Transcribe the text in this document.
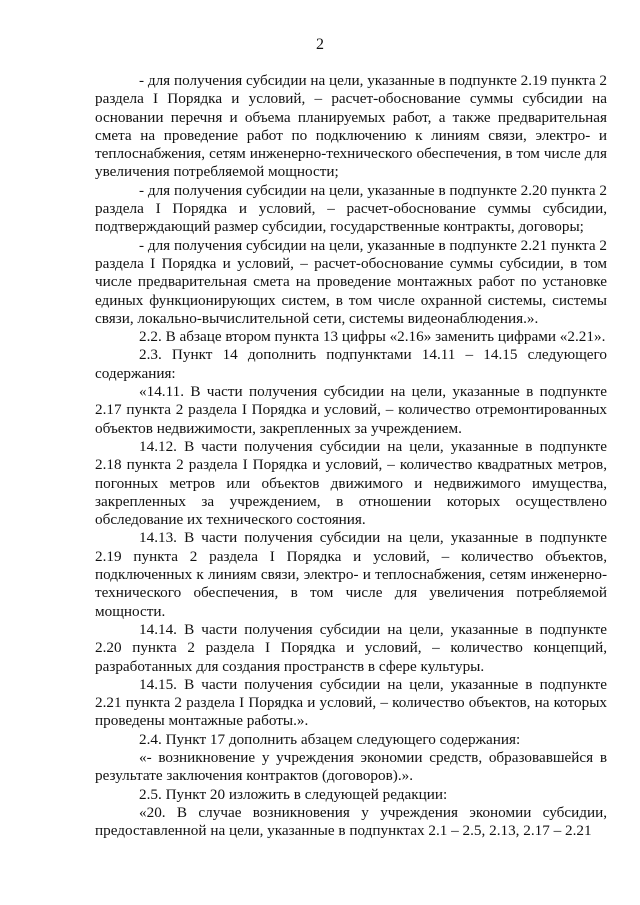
2

- для получения субсидии на цели, указанные в подпункте 2.19 пункта 2 раздела I Порядка и условий, – расчет-обоснование суммы субсидии на основании перечня и объема планируемых работ, а также предварительная смета на проведение работ по подключению к линиям связи, электро- и теплоснабжения, сетям инженерно-технического обеспечения, в том числе для увеличения потребляемой мощности;

- для получения субсидии на цели, указанные в подпункте 2.20 пункта 2 раздела I Порядка и условий, – расчет-обоснование суммы субсидии, подтверждающий размер субсидии, государственные контракты, договоры;

- для получения субсидии на цели, указанные в подпункте 2.21 пункта 2 раздела I Порядка и условий, – расчет-обоснование суммы субсидии, в том числе предварительная смета на проведение монтажных работ по установке единых функционирующих систем, в том числе охранной системы, системы связи, локально-вычислительной сети, системы видеонаблюдения.».

2.2. В абзаце втором пункта 13 цифры «2.16» заменить цифрами «2.21».

2.3. Пункт 14 дополнить подпунктами 14.11 – 14.15 следующего содержания:

«14.11. В части получения субсидии на цели, указанные в подпункте 2.17 пункта 2 раздела I Порядка и условий, – количество отремонтированных объектов недвижимости, закрепленных за учреждением.

14.12. В части получения субсидии на цели, указанные в подпункте 2.18 пункта 2 раздела I Порядка и условий, – количество квадратных метров, погонных метров или объектов движимого и недвижимого имущества, закрепленных за учреждением, в отношении которых осуществлено обследование их технического состояния.

14.13. В части получения субсидии на цели, указанные в подпункте 2.19 пункта 2 раздела I Порядка и условий, – количество объектов, подключенных к линиям связи, электро- и теплоснабжения, сетям инженерно-технического обеспечения, в том числе для увеличения потребляемой мощности.

14.14. В части получения субсидии на цели, указанные в подпункте 2.20 пункта 2 раздела I Порядка и условий, – количество концепций, разработанных для создания пространств в сфере культуры.

14.15. В части получения субсидии на цели, указанные в подпункте 2.21 пункта 2 раздела I Порядка и условий, – количество объектов, на которых проведены монтажные работы.».

2.4. Пункт 17 дополнить абзацем следующего содержания:

«- возникновение у учреждения экономии средств, образовавшейся в результате заключения контрактов (договоров).».

2.5. Пункт 20 изложить в следующей редакции:

«20. В случае возникновения у учреждения экономии субсидии, предоставленной на цели, указанные в подпунктах 2.1 – 2.5, 2.13, 2.17 – 2.21
